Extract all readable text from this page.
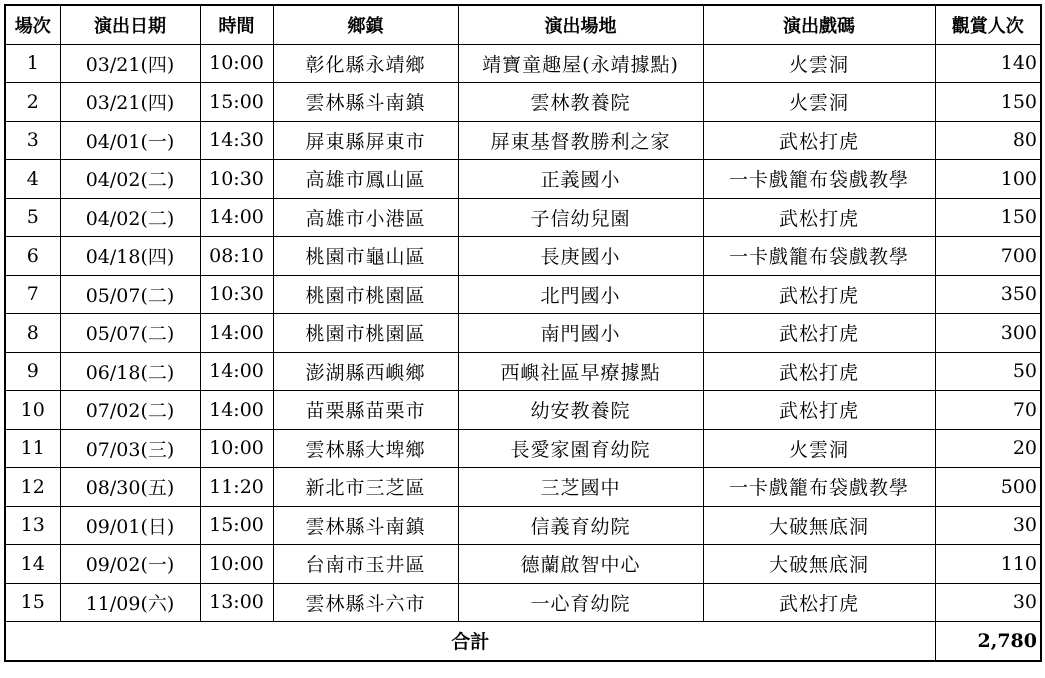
場次	演出日期	時間	鄉鎮	演出場地	演出戲碼	觀賞人次
1	03/21(四)	10:00	彰化縣永靖鄉	靖寶童趣屋(永靖據點)	火雲洞	140
2	03/21(四)	15:00	雲林縣斗南鎮	雲林教養院	火雲洞	150
3	04/01(一)	14:30	屏東縣屏東市	屏東基督教勝利之家	武松打虎	80
4	04/02(二)	10:30	高雄市鳳山區	正義國小	一卡戲籠布袋戲教學	100
5	04/02(二)	14:00	高雄市小港區	子信幼兒園	武松打虎	150
6	04/18(四)	08:10	桃園市龜山區	長庚國小	一卡戲籠布袋戲教學	700
7	05/07(二)	10:30	桃園市桃園區	北門國小	武松打虎	350
8	05/07(二)	14:00	桃園市桃園區	南門國小	武松打虎	300
9	06/18(二)	14:00	澎湖縣西嶼鄉	西嶼社區早療據點	武松打虎	50
10	07/02(二)	14:00	苗栗縣苗栗市	幼安教養院	武松打虎	70
11	07/03(三)	10:00	雲林縣大埤鄉	長愛家園育幼院	火雲洞	20
12	08/30(五)	11:20	新北市三芝區	三芝國中	一卡戲籠布袋戲教學	500
13	09/01(日)	15:00	雲林縣斗南鎮	信義育幼院	大破無底洞	30
14	09/02(一)	10:00	台南市玉井區	德蘭啟智中心	大破無底洞	110
15	11/09(六)	13:00	雲林縣斗六市	一心育幼院	武松打虎	30
合計						2,780
